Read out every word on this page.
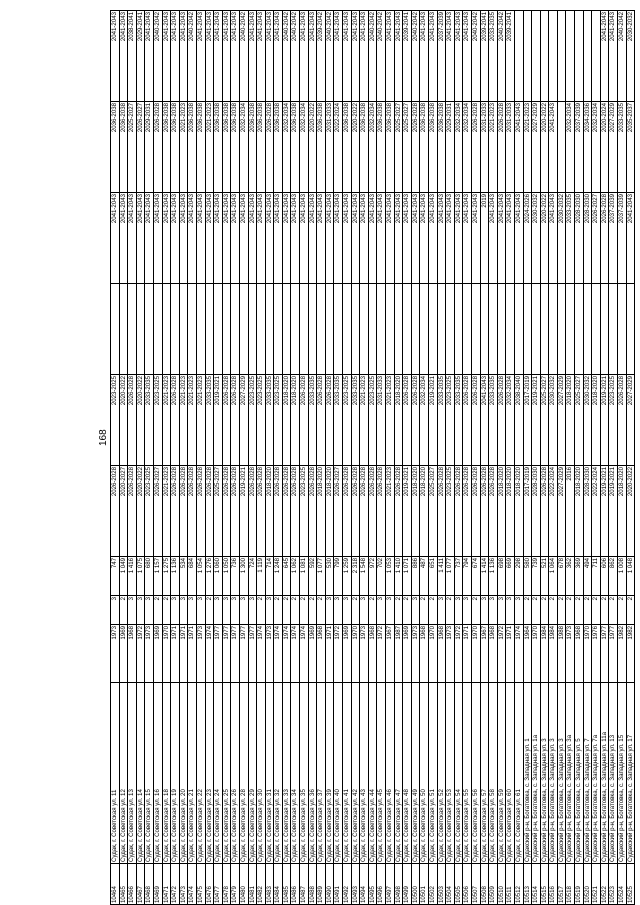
168
10464	Судак, г. Советская ул. 11	1973	3	747	2026-2028	2023-2025		2041-2043	2036-2038	2041-2043
10465	Судак, г. Советская ул. 12	1969	2	1 049	2020-2027	2020-2022		2041-2043	2036-2038	2041-2043
10466	Судак, г. Советская ул. 13	1968	3	1 416	2026-2028	2026-2028		2041-2043	2025-2027	2038-2041
10467	Судак, г. Советская ул. 14	1972	3	1 075	2020-2022	2020-2022		2041-2043	2026-2027	2029-2041
10468	Судак, г. Советская ул. 15	1973	3	680	2023-2025	2033-2035		2041-2043	2029-2031	2041-2043
10469	Судак, г. Советская ул. 16	1969	2	1 157	2026-2027	2023-2025		2041-2043	2026-2028	2040-2042
10471	Судак, г. Советская ул. 18	1970	2	1 275	2021-2023	2021-2023		2041-2043	2036-2038	2041-2043
10472	Судак, г. Советская ул. 19	1971	3	1 136	2026-2028	2026-2028		2041-2043	2036-2038	2041-2043
10473	Судак, г. Советская ул. 20	1971	3	534	2026-2028	2021-2023		2041-2043	2021-2023	2041-2043
10474	Судак, г. Советская ул. 21	1971	3	684	2026-2028	2021-2023		2041-2043	2036-2038	2040-2042
10475	Судак, г. Советская ул. 22	1973	3	1 054	2026-2028	2021-2023		2041-2043	2036-2038	2041-2043
10476	Судак, г. Советская ул. 23	1974	2	1 276	2026-2028	2033-2035		2041-2043	2021-2023	2041-2043
10477	Судак, г. Советская ул. 24	1977	3	1 060	2025-2027	2019-2021		2041-2043	2036-2038	2041-2043
10478	Судак, г. Советская ул. 25	1977	3	1 050	2026-2028	2026-2028		2041-2043	2036-2038	2041-2043
10479	Судак, г. Советская ул. 26	1977	3	736	2026-2028	2026-2028		2041-2043	2036-2038	2041-2043
10480	Судак, г. Советская ул. 28	1977	3	1 300	2019-2021	2027-2029		2041-2043	2032-2034	2040-2042
10481	Судак, г. Советская ул. 29	1977	3	724	2026-2028	2023-2025		2041-2043	2036-2038	2041-2043
10482	Судак, г. Советская ул. 30	1974	2	1 119	2026-2028	2023-2025		2041-2043	2036-2038	2041-2043
10483	Судак, г. Советская ул. 31	1973	3	714	2018-2020	2033-2035		2041-2043	2026-2028	2041-2043
10484	Судак, г. Советская ул. 32	1974	2	1 248	2026-2028	2023-2025		2041-2043	2036-2038	2041-2043
10485	Судак, г. Советская ул. 33	1974	2	645	2026-2028	2018-2020		2041-2043	2032-2034	2040-2042
10486	Судак, г. Советская ул. 34	1974	2	1 062	2026-2028	2018-2020		2041-2043	2036-2038	2040-2042
10487	Судак, г. Советская ул. 35	1974	2	1 081	2023-2025	2026-2028		2041-2043	2032-2034	2041-2043
10488	Судак, г. Советская ул. 36	1969	2	592	2026-2028	2033-2035		2041-2043	2020-2022	2041-2043
10489	Судак, г. Советская ул. 37	1968	2	1 077	2018-2020	2026-2028		2041-2043	2036-2038	2039-2042
10490	Судак, г. Советская ул. 39	1971	3	530	2018-2020	2026-2028		2041-2043	2031-2033	2040-2042
10491	Судак, г. Советская ул. 40	1972	3	799	2026-2027	2033-2035		2041-2043	2022-2024	2041-2043
10492	Судак, г. Советская ул. 41	1969	3	1 259	2026-2028	2023-2025		2041-2043	2036-2038	2041-2043
10493	Судак, г. Советская ул. 42	1970	2	2 318	2026-2028	2033-2035		2041-2043	2020-2022	2041-2043
10494	Судак, г. Советская ул. 43	1973	3	1 548	2026-2028	2021-2023		2041-2043	2036-2038	2041-2043
10495	Судак, г. Советская ул. 44	1968	2	972	2026-2028	2023-2025		2041-2043	2032-2034	2040-2042
10496	Судак, г. Советская ул. 45	1972	3	702	2026-2028	2031-2033		2041-2043	2036-2038	2040-2042
10497	Судак, г. Советская ул. 46	1967	3	1 053	2021-2023	2021-2023		2041-2043	2036-2038	2041-2043
10498	Судак, г. Советская ул. 47	1987	2	1 410	2026-2028	2018-2020		2041-2043	2025-2027	2041-2043
10499	Судак, г. Советская ул. 48	1969	2	1 071	2019-2021	2026-2028		2041-2043	2025-2027	2039-2041
10500	Судак, г. Советская ул. 49	1973	3	886	2018-2020	2026-2028		2041-2043	2026-2028	2040-2042
10501	Судак, г. Советская ул. 50	1968	2	487	2018-2020	2032-2034		2041-2043	2036-2038	2041-2043
10502	Судак, г. Советская ул. 51	1970	2	651	2025-2027	2019-2021		2041-2043	2036-2038	2041-2043
10503	Судак, г. Советская ул. 52	1968	3	1 411	2026-2028	2033-2035		2041-2043	2036-2038	2037-2039
10504	Судак, г. Советская ул. 53	1973	2	1 077	2023-2025	2023-2025		2041-2043	2029-2031	2041-2043
10505	Судак, г. Советская ул. 54	1972	3	737	2026-2028	2033-2035		2041-2043	2032-2034	2041-2043
10506	Судак, г. Советская ул. 55	1971	3	794	2026-2028	2026-2028		2041-2043	2032-2034	2041-2043
10507	Судак, г. Советская ул. 56	1970	2	674	2026-2028	2026-2028		2041-2043	2026-2028	2040-2042
10508	Судак, г. Советская ул. 57	1967	3	1 414	2026-2028	2041-2043		2019	2031-2033	2039-2041
10509	Судак, г. Советская ул. 58	1968	3	1 136	2026-2028	2033-2035		2041-2043	2021-2023	2033-2035
10510	Судак, г. Советская ул. 59	1972	3	698	2018-2020	2026-2028		2041-2043	2026-2028	2040-2042
10511	Судак, г. Советская ул. 60	1971	3	669	2018-2020	2032-2034		2041-2043	2031-2033	2039-2041
10512	Судак, г. Советская ул. 61	1974	3	298	2018-2020	2038-2040		2041-2043	2041-2043	
10513	Судакский р-н, Богатовка, с. Западная ул. 1	1964	2	580	2017-2019	2017-2019		2024-2026	2021-2023	
10514	Судакский р-н, Богатовка, с. Западная ул. 1а	1970	2	739	2028-2030	2019-2021		2030-2032	2027-2029	
10515	Судакский р-н, Богатовка, с. Западная ул. 3	1984	2	521	2026-2028	2025-2027		2020-2022	2020-2022	
10516	Судакский р-н, Богатовка, с. Западная ул. 3	1984	2	1 064	2022-2024	2030-2032		2041-2043	2041-2043	
10517	Судакский р-н, Богатовка, с. Западная ул. 3	1988	2	678	2027-2029	2027-2029		2030-2032		
10518	Судакский р-н, Богатовка, с. Западная ул. 3а	1973	2	362	2016	2018-2020		2033-2035	2032-2034	
10519	Судакский р-н, Богатовка, с. Западная ул. 5	1968	2	369	2018-2020	2025-2027		2028-2030	2037-2039	
10520	Судакский р-н, Богатовка, с. Западная ул. 7	1970	2	494	2028-2030	2030-2032		2028-2030	2034-2036	
10521	Судакский р-н, Богатовка, с. Западная ул. 7а	1976	2	711	2022-2024	2018-2020		2026-2027	2032-2034	
10522	Судакский р-н, Богатовка, с. Западная ул. 11а	1977	2	606	2019-2021	2019-2021		2026-2028	2020-2024	2041-2043
10523	Судакский р-н, Богатовка, с. Западная ул. 13	1977	2	862	2019-2021	2023-2025		2037-2039	2027-2029	2041-2043
10524	Судакский р-н, Богатовка, с. Западная ул. 15	1982	2	1 008	2018-2020	2026-2028		2037-2039	2033-2035	2040-2042
10525	Судакский р-н, Богатовка, с. Западная ул. 17	1982	2	1 048	2020-2022	2027-2029		2041-2043	2035-2037	2030-2032
